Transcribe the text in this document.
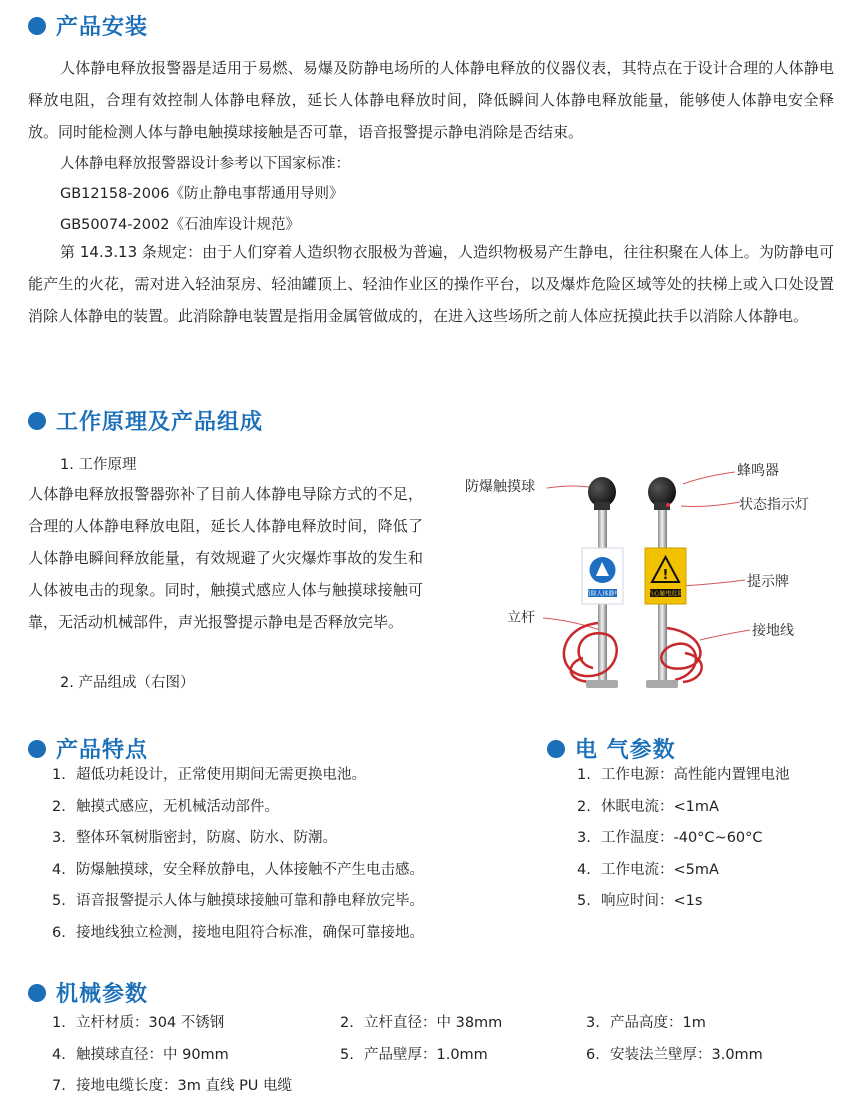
产品安装

人体静电释放报警器是适用于易燃、易爆及防静电场所的人体静电释放的仪器仪表，其特点在于设计合理的人体静电释放电阻，合理有效控制人体静电释放，延长人体静电释放时间，降低瞬间人体静电释放能量，能够使人体静电安全释放。同时能检测人体与静电触摸球接触是否可靠，语音报警提示静电消除是否结束。

人体静电释放报警器设计参考以下国家标准：
GB12158-2006《防止静电事帮通用导则》
GB50074-2002《石油库设计规范》

第 14.3.13 条规定：由于人们穿着人造织物衣服极为普遍，人造织物极易产生静电，往往积聚在人体上。为防静电可能产生的火花，需对进入轻油泵房、轻油罐顶上、轻油作业区的操作平台，以及爆炸危险区域等处的扶梯上或入口处设置消除人体静电的装置。此消除静电装置是指用金属管做成的，在进入这些场所之前人体应抚摸此扶手以消除人体静电。

工作原理及产品组成
1. 工作原理

人体静电释放报警器弥补了目前人体静电导除方式的不足，合理的人体静电释放电阻，延长人体静电释放时间，降低了人体静电瞬间释放能量，有效规避了火灾爆炸事故的发生和人体被电击的现象。同时，触摸式感应人体与触摸球接触可靠，无活动机械部件，声光报警提示静电是否释放完毕。

2. 产品组成（右图）
消除人体静电
!
当心触电危险
防爆触摸球
蜂鸣器
状态指示灯
提示牌
立杆
接地线
产品特点
1. 超低功耗设计，正常使用期间无需更换电池。
2. 触摸式感应，无机械活动部件。
3. 整体环氧树脂密封，防腐、防水、防潮。
4. 防爆触摸球，安全释放静电，人体接触不产生电击感。
5. 语音报警提示人体与触摸球接触可靠和静电释放完毕。
6. 接地线独立检测，接地电阻符合标准，确保可靠接地。
电 气参数
1. 工作电源：高性能内置锂电池
2. 休眠电流：<1mA
3. 工作温度：-40°C~60°C
4. 工作电流：<5mA
5. 响应时间：<1s
机械参数
1. 立杆材质：304 不锈钢	2. 立杆直径：中 38mm	3. 产品高度：1m
4. 触摸球直径：中 90mm	5. 产品壁厚：1.0mm	6. 安装法兰壁厚：3.0mm
7. 接地电缆长度：3m 直线 PU 电缆
